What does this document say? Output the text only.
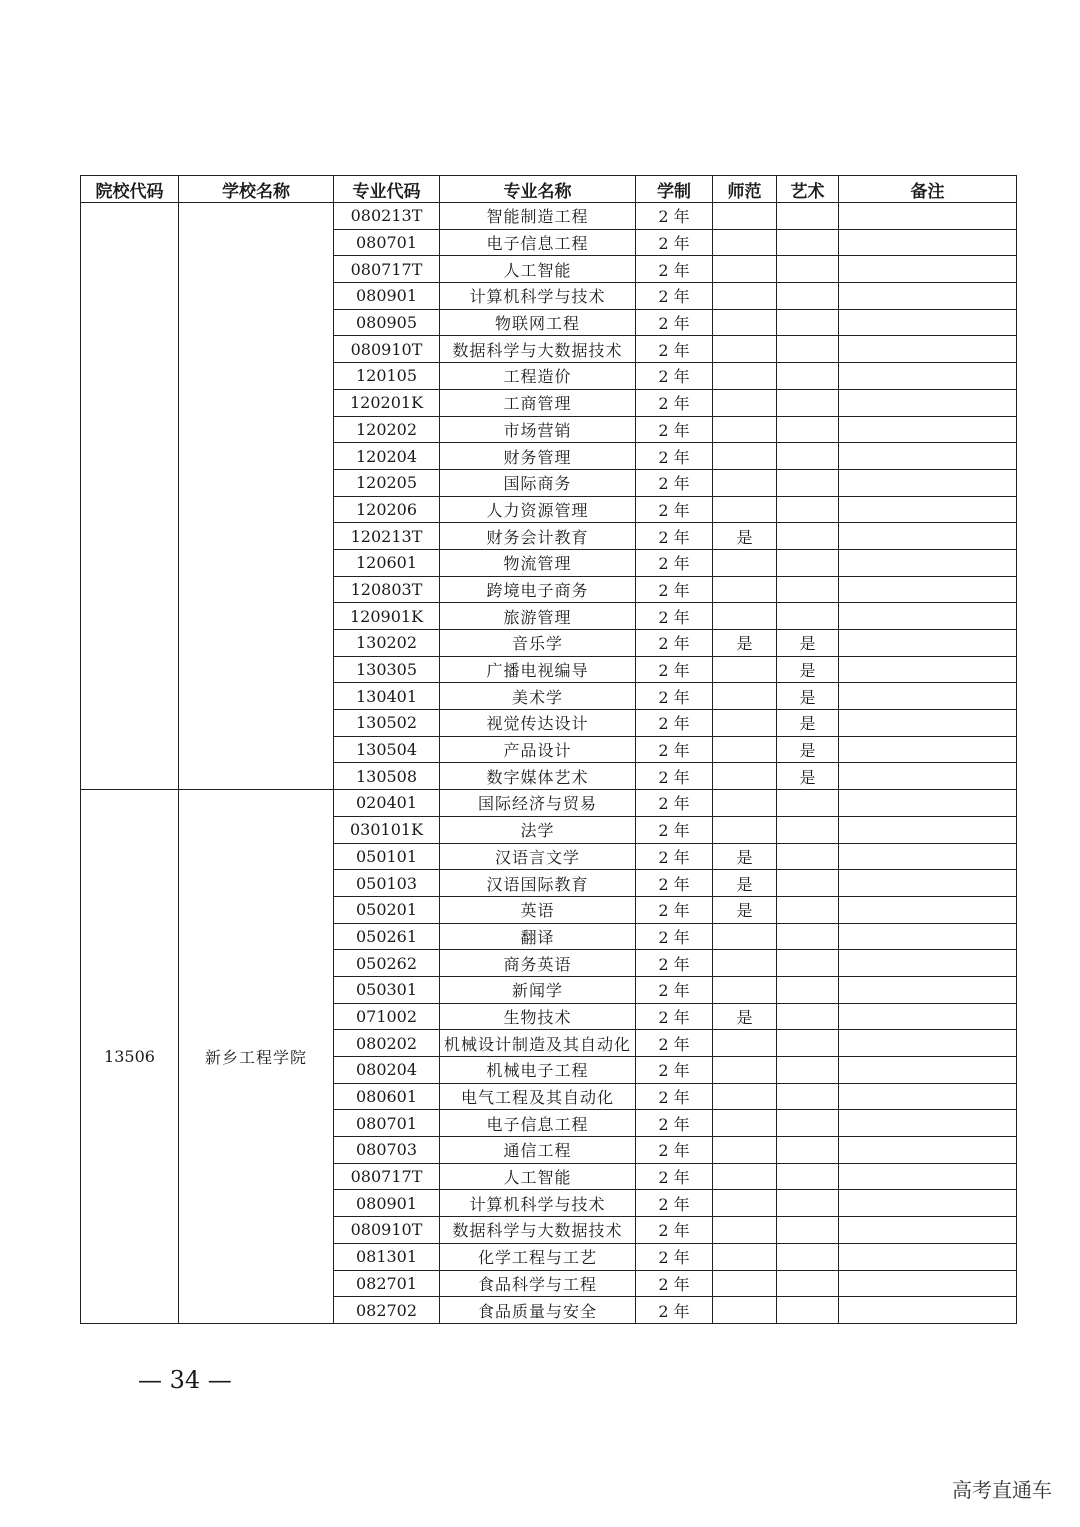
院校代码	学校名称	专业代码	专业名称	学制	师范	艺术	备注
		080213T	智能制造工程	2 年			
		080701	电子信息工程	2 年			
		080717T	人工智能	2 年			
		080901	计算机科学与技术	2 年			
		080905	物联网工程	2 年			
		080910T	数据科学与大数据技术	2 年			
		120105	工程造价	2 年			
		120201K	工商管理	2 年			
		120202	市场营销	2 年			
		120204	财务管理	2 年			
		120205	国际商务	2 年			
		120206	人力资源管理	2 年			
		120213T	财务会计教育	2 年	是		
		120601	物流管理	2 年			
		120803T	跨境电子商务	2 年			
		120901K	旅游管理	2 年			
		130202	音乐学	2 年	是	是	
		130305	广播电视编导	2 年		是	
		130401	美术学	2 年		是	
		130502	视觉传达设计	2 年		是	
		130504	产品设计	2 年		是	
		130508	数字媒体艺术	2 年		是	
13506	新乡工程学院	020401	国际经济与贸易	2 年			
		030101K	法学	2 年			
		050101	汉语言文学	2 年	是		
		050103	汉语国际教育	2 年	是		
		050201	英语	2 年	是		
		050261	翻译	2 年			
		050262	商务英语	2 年			
		050301	新闻学	2 年			
		071002	生物技术	2 年	是		
		080202	机械设计制造及其自动化	2 年			
		080204	机械电子工程	2 年			
		080601	电气工程及其自动化	2 年			
		080701	电子信息工程	2 年			
		080703	通信工程	2 年			
		080717T	人工智能	2 年			
		080901	计算机科学与技术	2 年			
		080910T	数据科学与大数据技术	2 年			
		081301	化学工程与工艺	2 年			
		082701	食品科学与工程	2 年			
		082702	食品质量与安全	2 年			
— 34 —
高考直通车
